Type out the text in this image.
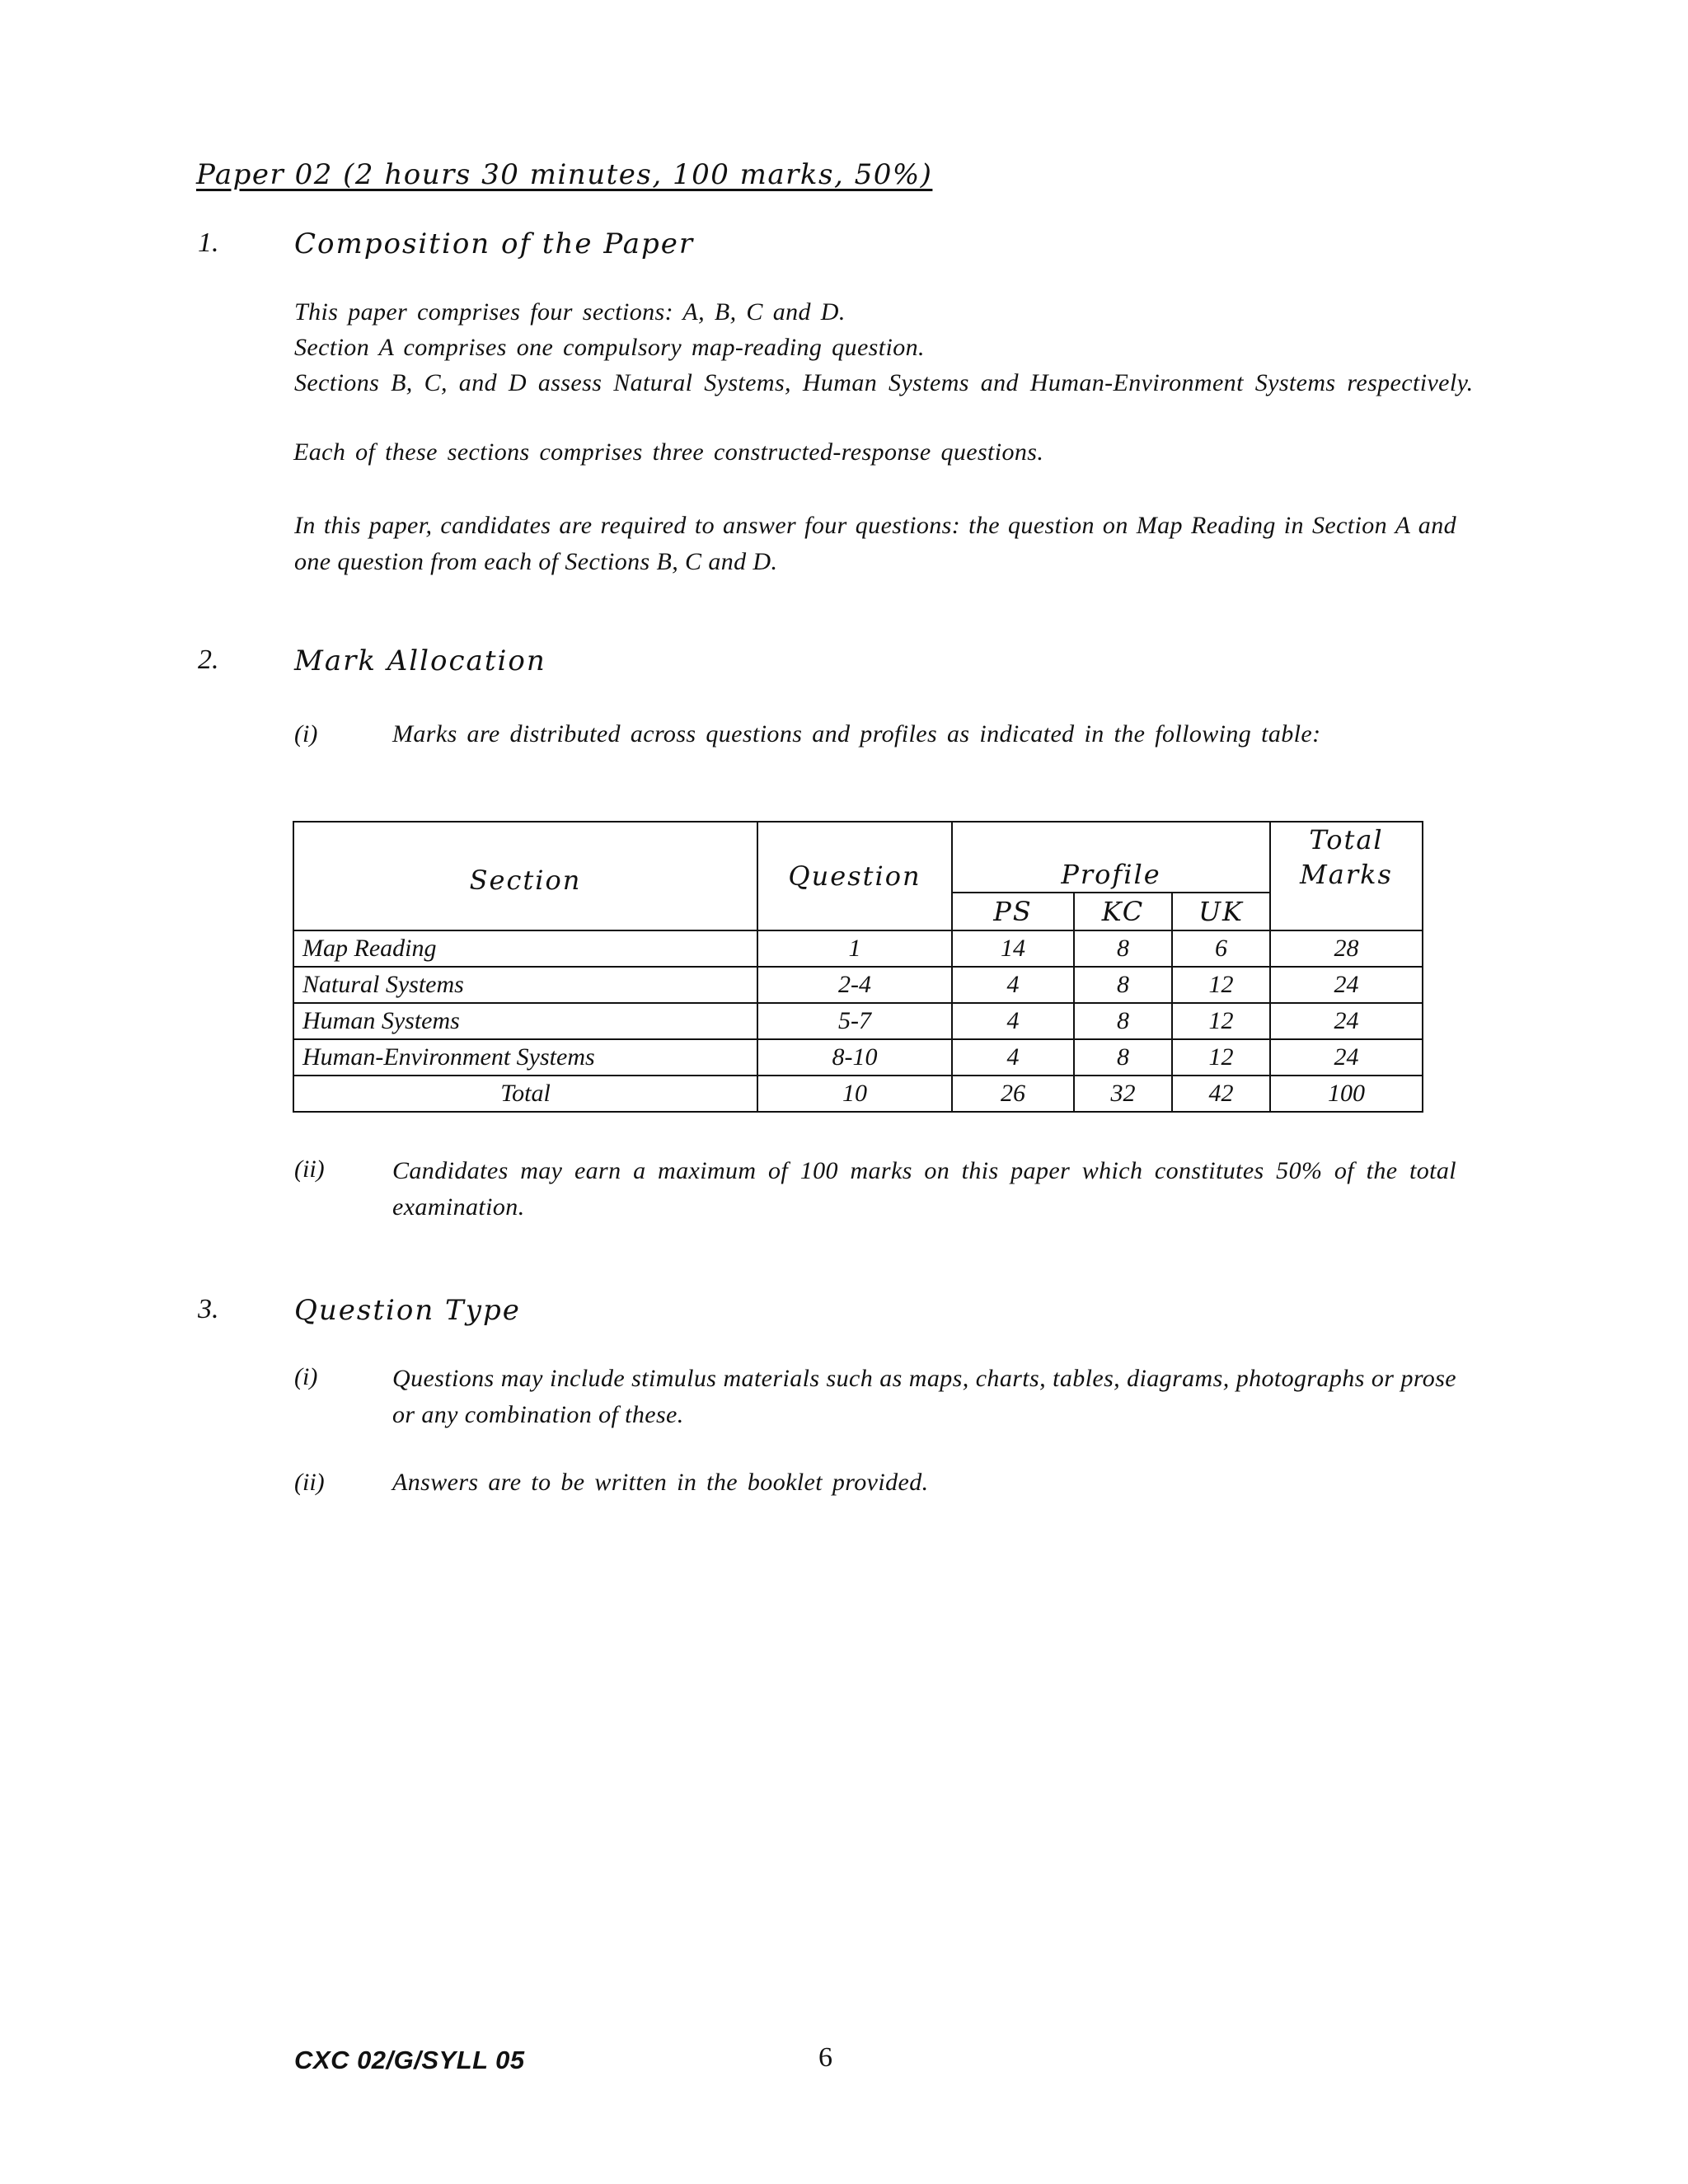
Paper 02 (2 hours 30 minutes, 100 marks, 50%)
1.	Composition of the Paper
This paper comprises four sections: A, B, C and D.
Section A comprises one compulsory map-reading question.
Sections B, C, and D assess Natural Systems, Human Systems and Human-Environment Systems respectively.
Each of these sections comprises three constructed-response questions.
In this paper, candidates are required to answer four questions: the question on Map Reading in Section A and one question from each of Sections B, C and D.
2.	Mark Allocation
(i)	Marks are distributed across questions and profiles as indicated in the following table:
Section	Question	Profile			Total
Marks

		PS	KC	UK	
Map Reading	1	14	8	6	28
Natural Systems	2-4	4	8	12	24
Human Systems	5-7	4	8	12	24
Human-Environment Systems	8-10	4	8	12	24
Total	10	26	32	42	100
(ii)	Candidates may earn a maximum of 100 marks on this paper which constitutes 50% of the total examination.
3.	Question Type
(i)	Questions may include stimulus materials such as maps, charts, tables, diagrams, photographs or prose or any combination of these.
(ii)	Answers are to be written in the booklet provided.
CXC 02/G/SYLL 05	6
